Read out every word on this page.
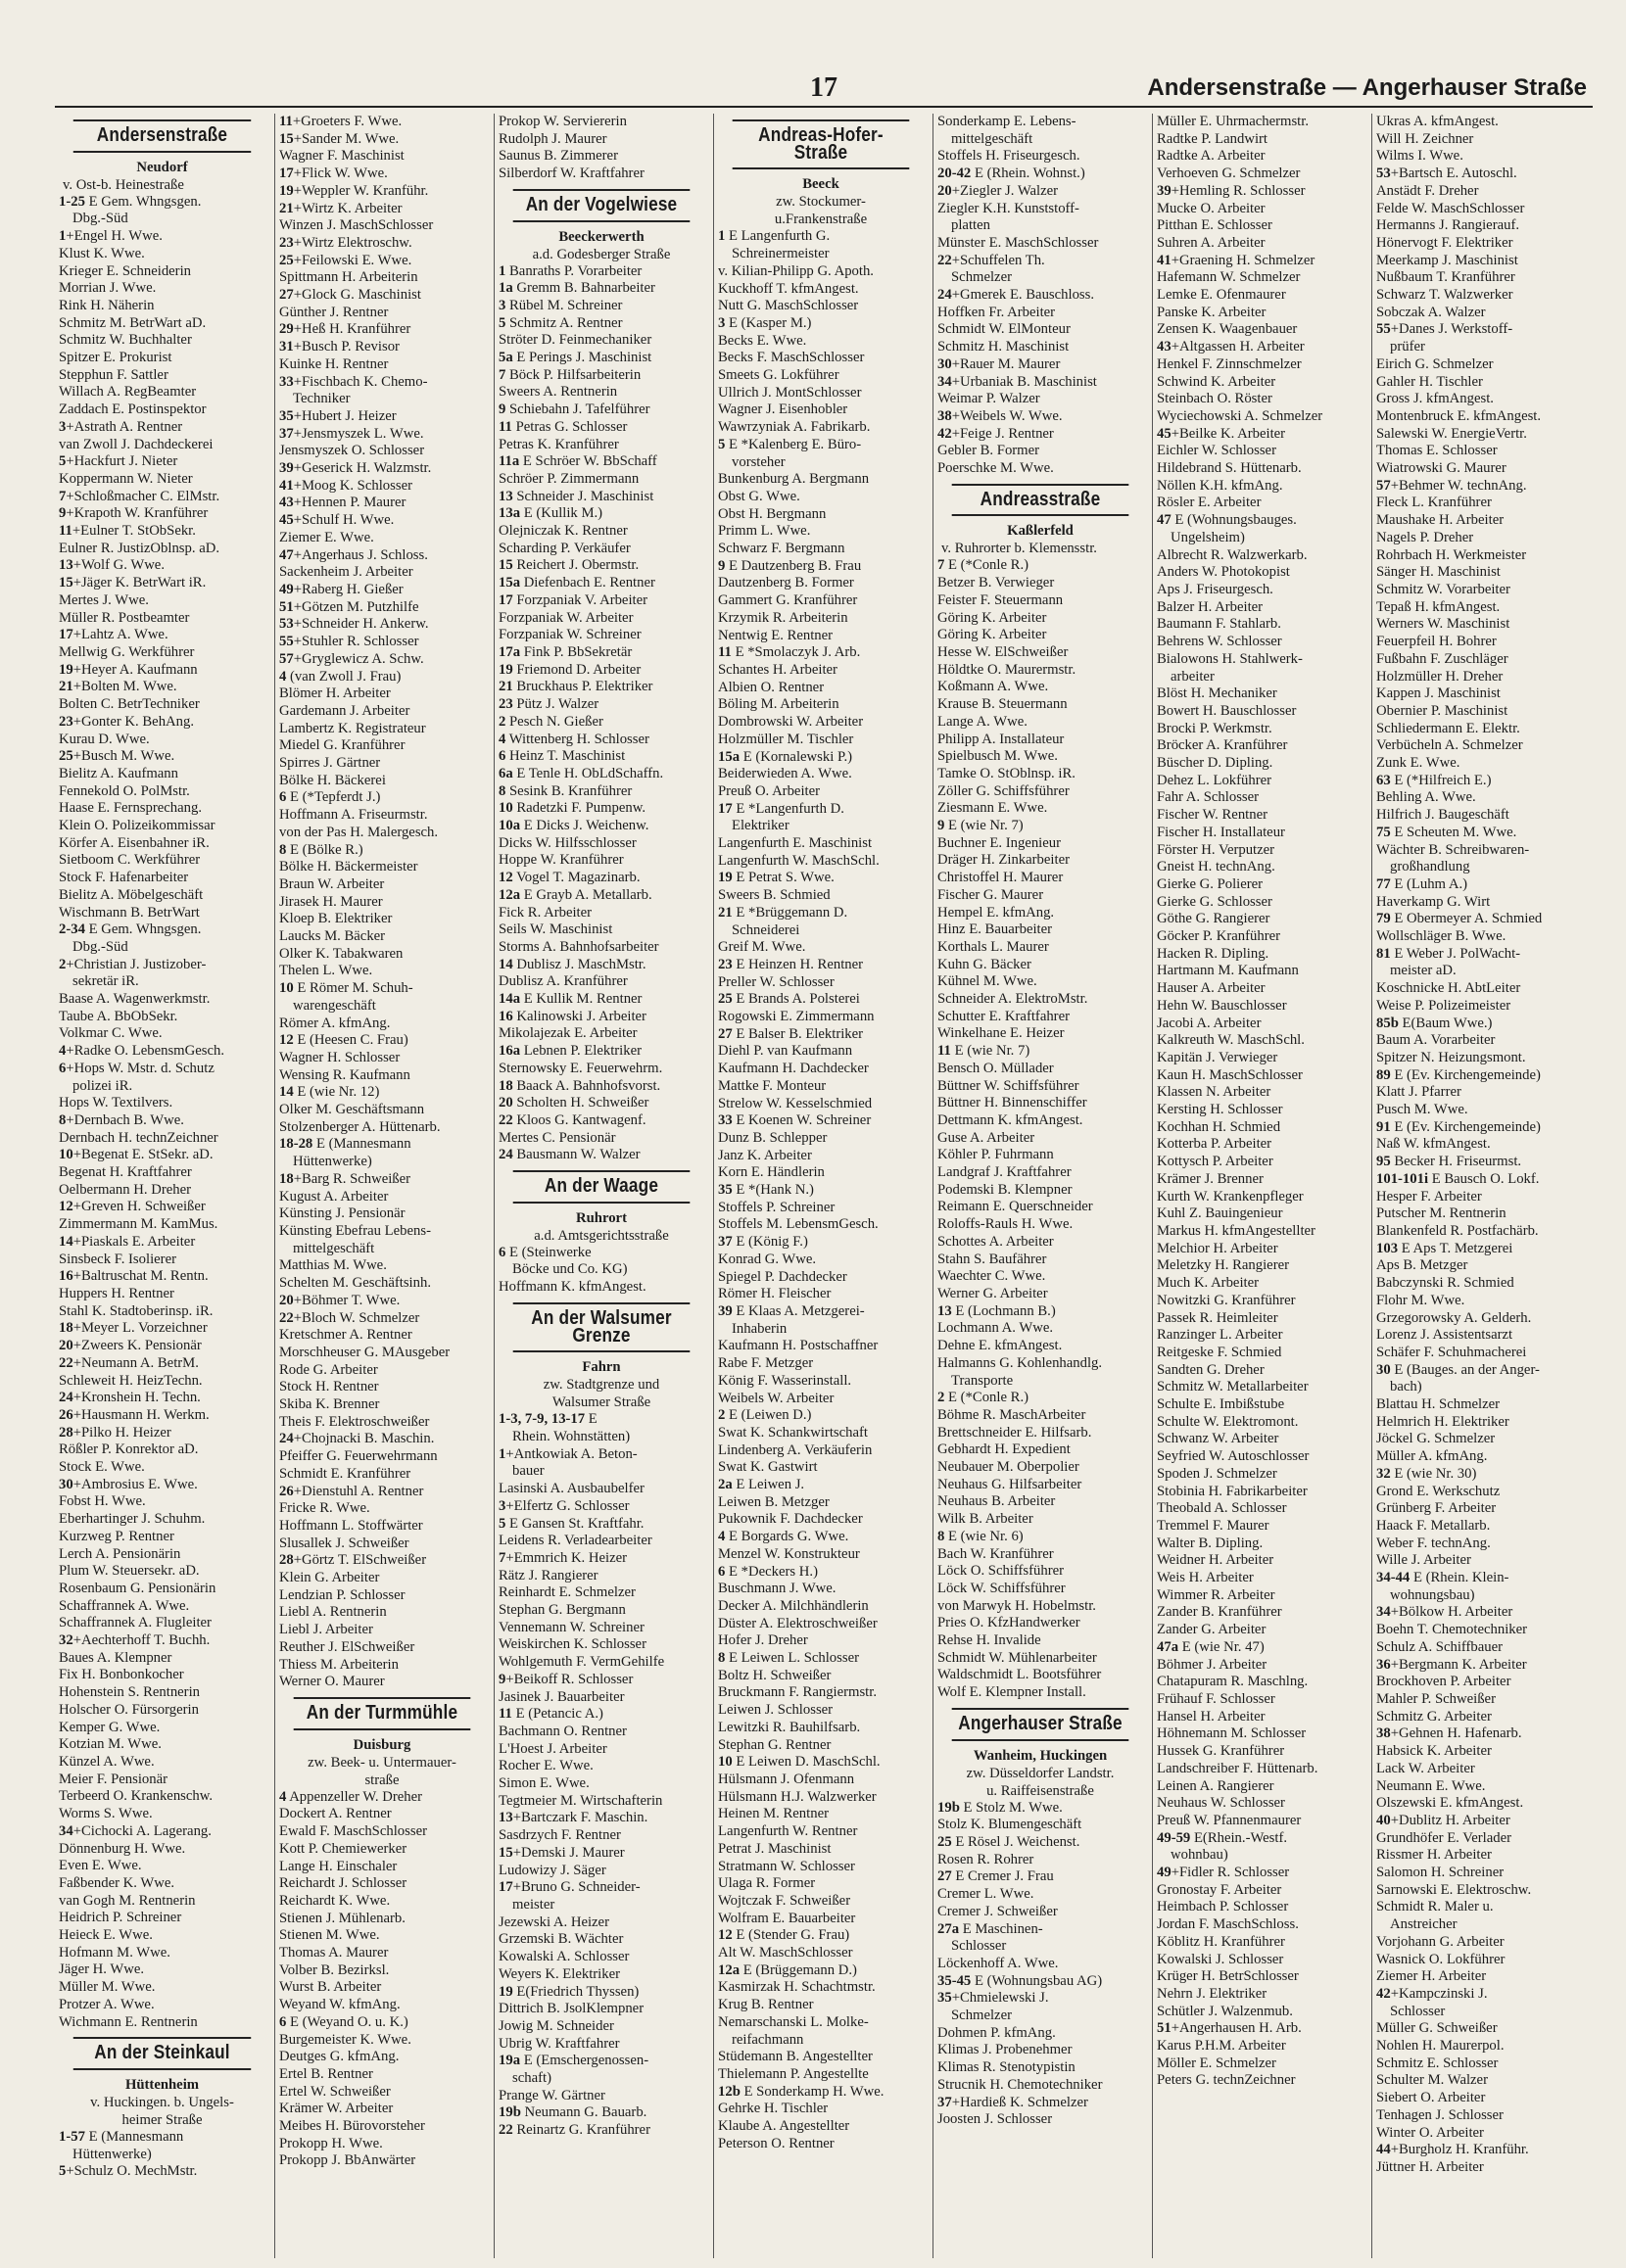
17	Andersenstraße — Angerhauser Straße
Andersenstraße
Neudorf
v. Ost-b. Heinestraße
1-25 E Gem. Whngsgen.
Dbg.-Süd
1+Engel H. Wwe.
Klust K. Wwe.
Krieger E. Schneiderin
Morrian J. Wwe.
Rink H. Näherin
Schmitz M. BetrWart aD.
Schmitz W. Buchhalter
Spitzer E. Prokurist
Stepphun F. Sattler
Willach A. RegBeamter
Zaddach E. Postinspektor
3+Astrath A. Rentner
van Zwoll J. Dachdeckerei
5+Hackfurt J. Nieter
Koppermann W. Nieter
7+Schloßmacher C. ElMstr.
9+Krapoth W. Kranführer
11+Eulner T. StObSekr.
Eulner R. JustizOblnsp. aD.
13+Wolf G. Wwe.
15+Jäger K. BetrWart iR.
Mertes J. Wwe.
Müller R. Postbeamter
17+Lahtz A. Wwe.
Mellwig G. Werkführer
19+Heyer A. Kaufmann
21+Bolten M. Wwe.
Bolten C. BetrTechniker
23+Gonter K. BehAng.
Kurau D. Wwe.
25+Busch M. Wwe.
Bielitz A. Kaufmann
Fennekold O. PolMstr.
Haase E. Fernsprechang.
Klein O. Polizeikommissar
Körfer A. Eisenbahner iR.
Sietboom C. Werkführer
Stock F. Hafenarbeiter
Bielitz A. Möbelgeschäft
Wischmann B. BetrWart
2-34 E Gem. Whngsgen.
Dbg.-Süd
2+Christian J. Justizober-
sekretär iR.
Baase A. Wagenwerkmstr.
Taube A. BbObSekr.
Volkmar C. Wwe.
4+Radke O. LebensmGesch.
6+Hops W. Mstr. d. Schutz
polizei iR.
Hops W. Textilvers.
8+Dernbach B. Wwe.
Dernbach H. technZeichner
10+Begenat E. StSekr. aD.
Begenat H. Kraftfahrer
Oelbermann H. Dreher
12+Greven H. Schweißer
Zimmermann M. KamMus.
14+Piaskals E. Arbeiter
Sinsbeck F. Isolierer
16+Baltruschat M. Rentn.
Huppers H. Rentner
Stahl K. Stadtoberinsp. iR.
18+Meyer L. Vorzeichner
20+Zweers K. Pensionär
22+Neumann A. BetrM.
Schleweit H. HeizTechn.
24+Kronshein H. Techn.
26+Hausmann H. Werkm.
28+Pilko H. Heizer
Rößler P. Konrektor aD.
Stock E. Wwe.
30+Ambrosius E. Wwe.
Fobst H. Wwe.
Eberhartinger J. Schuhm.
Kurzweg P. Rentner
Lerch A. Pensionärin
Plum W. Steuersekr. aD.
Rosenbaum G. Pensionärin
Schaffrannek A. Wwe.
Schaffrannek A. Flugleiter
32+Aechterhoff T. Buchh.
Baues A. Klempner
Fix H. Bonbonkocher
Hohenstein S. Rentnerin
Holscher O. Fürsorgerin
Kemper G. Wwe.
Kotzian M. Wwe.
Künzel A. Wwe.
Meier F. Pensionär
Terbeerd O. Krankenschw.
Worms S. Wwe.
34+Cichocki A. Lagerang.
Dönnenburg H. Wwe.
Even E. Wwe.
Faßbender K. Wwe.
van Gogh M. Rentnerin
Heidrich P. Schreiner
Heieck E. Wwe.
Hofmann M. Wwe.
Jäger H. Wwe.
Müller M. Wwe.
Protzer A. Wwe.
Wichmann E. Rentnerin
An der Steinkaul
Hüttenheim
v. Huckingen. b. Ungels-
heimer Straße
1-57 E (Mannesmann
Hüttenwerke)
5+Schulz O. MechMstr.
11+Groeters F. Wwe.
15+Sander M. Wwe.
Wagner F. Maschinist
17+Flick W. Wwe.
19+Weppler W. Kranführ.
21+Wirtz K. Arbeiter
Winzen J. MaschSchlosser
23+Wirtz Elektroschw.
25+Feilowski E. Wwe.
Spittmann H. Arbeiterin
27+Glock G. Maschinist
Günther J. Rentner
29+Heß H. Kranführer
31+Busch P. Revisor
Kuinke H. Rentner
33+Fischbach K. Chemo-
Techniker
35+Hubert J. Heizer
37+Jensmyszek L. Wwe.
Jensmyszek O. Schlosser
39+Geserick H. Walzmstr.
41+Moog K. Schlosser
43+Hennen P. Maurer
45+Schulf H. Wwe.
Ziemer E. Wwe.
47+Angerhaus J. Schloss.
Sackenheim J. Arbeiter
49+Raberg H. Gießer
51+Götzen M. Putzhilfe
53+Schneider H. Ankerw.
55+Stuhler R. Schlosser
57+Gryglewicz A. Schw.
4 (van Zwoll J. Frau)
Blömer H. Arbeiter
Gardemann J. Arbeiter
Lambertz K. Registrateur
Miedel G. Kranführer
Spirres J. Gärtner
Bölke H. Bäckerei
6 E (*Tepferdt J.)
Hoffmann A. Friseurmstr.
von der Pas H. Malergesch.
8 E (Bölke R.)
Bölke H. Bäckermeister
Braun W. Arbeiter
Jirasek H. Maurer
Kloep B. Elektriker
Laucks M. Bäcker
Olker K. Tabakwaren
Thelen L. Wwe.
10 E Römer M. Schuh-
warengeschäft
Römer A. kfmAng.
12 E (Heesen C. Frau)
Wagner H. Schlosser
Wensing R. Kaufmann
14 E (wie Nr. 12)
Olker M. Geschäftsmann
Stolzenberger A. Hüttenarb.
18-28 E (Mannesmann
Hüttenwerke)
18+Barg R. Schweißer
Kugust A. Arbeiter
Künsting J. Pensionär
Künsting Ebefrau Lebens-
mittelgeschäft
Matthias M. Wwe.
Schelten M. Geschäftsinh.
20+Böhmer T. Wwe.
22+Bloch W. Schmelzer
Kretschmer A. Rentner
Morschheuser G. MAusgeber
Rode G. Arbeiter
Stock H. Rentner
Skiba K. Brenner
Theis F. Elektroschweißer
24+Chojnacki B. Maschin.
Pfeiffer G. Feuerwehrmann
Schmidt E. Kranführer
26+Dienstuhl A. Rentner
Fricke R. Wwe.
Hoffmann L. Stoffwärter
Slusallek J. Schweißer
28+Görtz T. ElSchweißer
Klein G. Arbeiter
Lendzian P. Schlosser
Liebl A. Rentnerin
Liebl J. Arbeiter
Reuther J. ElSchweißer
Thiess M. Arbeiterin
Werner O. Maurer
An der Turmmühle
Duisburg
zw. Beek- u. Untermauer-
straße
4 Appenzeller W. Dreher
Dockert A. Rentner
Ewald F. MaschSchlosser
Kott P. Chemiewerker
Lange H. Einschaler
Reichardt J. Schlosser
Reichardt K. Wwe.
Stienen J. Mühlenarb.
Stienen M. Wwe.
Thomas A. Maurer
Volber B. Bezirksl.
Wurst B. Arbeiter
Weyand W. kfmAng.
6 E (Weyand O. u. K.)
Burgemeister K. Wwe.
Deutges G. kfmAng.
Ertel B. Rentner
Ertel W. Schweißer
Krämer W. Arbeiter
Meibes H. Bürovorsteher
Prokopp H. Wwe.
Prokopp J. BbAnwärter
Prokop W. Serviererin
Rudolph J. Maurer
Saunus B. Zimmerer
Silberdorf W. Kraftfahrer
An der Vogelwiese
Beeckerwerth
a.d. Godesberger Straße
1 Banraths P. Vorarbeiter
1a Gremm B. Bahnarbeiter
3 Rübel M. Schreiner
5 Schmitz A. Rentner
Ströter D. Feinmechaniker
5a E Perings J. Maschinist
7 Böck P. Hilfsarbeiterin
Sweers A. Rentnerin
9 Schiebahn J. Tafelführer
11 Petras G. Schlosser
Petras K. Kranführer
11a E Schröer W. BbSchaff
Schröer P. Zimmermann
13 Schneider J. Maschinist
13a E (Kullik M.)
Olejniczak K. Rentner
Scharding P. Verkäufer
15 Reichert J. Obermstr.
15a Diefenbach E. Rentner
17 Forzpaniak V. Arbeiter
Forzpaniak W. Arbeiter
Forzpaniak W. Schreiner
17a Fink P. BbSekretär
19 Friemond D. Arbeiter
21 Bruckhaus P. Elektriker
23 Pütz J. Walzer
2 Pesch N. Gießer
4 Wittenberg H. Schlosser
6 Heinz T. Maschinist
6a E Tenle H. ObLdSchaffn.
8 Sesink B. Kranführer
10 Radetzki F. Pumpenw.
10a E Dicks J. Weichenw.
Dicks W. Hilfsschlosser
Hoppe W. Kranführer
12 Vogel T. Magazinarb.
12a E Grayb A. Metallarb.
Fick R. Arbeiter
Seils W. Maschinist
Storms A. Bahnhofsarbeiter
14 Dublisz J. MaschMstr.
Dublisz A. Kranführer
14a E Kullik M. Rentner
16 Kalinowski J. Arbeiter
Mikolajezak E. Arbeiter
16a Lebnen P. Elektriker
Sternowsky E. Feuerwehrm.
18 Baack A. Bahnhofsvorst.
20 Scholten H. Schweißer
22 Kloos G. Kantwagenf.
Mertes C. Pensionär
24 Bausmann W. Walzer
An der Waage
Ruhrort
a.d. Amtsgerichtsstraße
6 E (Steinwerke
Böcke und Co. KG)
Hoffmann K. kfmAngest.
An der Walsumer Grenze
Fahrn
zw. Stadtgrenze und
Walsumer Straße
1-3, 7-9, 13-17 E
Rhein. Wohnstätten)
1+Antkowiak A. Beton-
bauer
Lasinski A. Ausbaubelfer
3+Elfertz G. Schlosser
5 E Gansen St. Kraftfahr.
Leidens R. Verladearbeiter
7+Emmrich K. Heizer
Rätz J. Rangierer
Reinhardt E. Schmelzer
Stephan G. Bergmann
Vennemann W. Schreiner
Weiskirchen K. Schlosser
Wohlgemuth F. VermGehilfe
9+Beikoff R. Schlosser
Jasinek J. Bauarbeiter
11 E (Petancic A.)
Bachmann O. Rentner
L'Hoest J. Arbeiter
Rocher E. Wwe.
Simon E. Wwe.
Tegtmeier M. Wirtschafterin
13+Bartczark F. Maschin.
Sasdrzych F. Rentner
15+Demski J. Maurer
Ludowizy J. Säger
17+Bruno G. Schneider-
meister
Jezewski A. Heizer
Grzemski B. Wächter
Kowalski A. Schlosser
Weyers K. Elektriker
19 E(Friedrich Thyssen)
Dittrich B. JsolKlempner
Jowig M. Schneider
Ubrig W. Kraftfahrer
19a E (Emschergenossen-
schaft)
Prange W. Gärtner
19b Neumann G. Bauarb.
22 Reinartz G. Kranführer
Andreas-Hofer-Straße
Beeck
zw. Stockumer-
u.Frankenstraße
1 E Langenfurth G.
Schreinermeister
v. Kilian-Philipp G. Apoth.
Kuckhoff T. kfmAngest.
Nutt G. MaschSchlosser
3 E (Kasper M.)
Becks E. Wwe.
Becks F. MaschSchlosser
Smeets G. Lokführer
Ullrich J. MontSchlosser
Wagner J. Eisenhobler
Wawrzyniak A. Fabrikarb.
5 E *Kalenberg E. Büro-
vorsteher
Bunkenburg A. Bergmann
Obst G. Wwe.
Obst H. Bergmann
Primm L. Wwe.
Schwarz F. Bergmann
9 E Dautzenberg B. Frau
Dautzenberg B. Former
Gammert G. Kranführer
Krzymik R. Arbeiterin
Nentwig E. Rentner
11 E *Smolaczyk J. Arb.
Schantes H. Arbeiter
Albien O. Rentner
Böling M. Arbeiterin
Dombrowski W. Arbeiter
Holzmüller M. Tischler
15a E (Kornalewski P.)
Beiderwieden A. Wwe.
Preuß O. Arbeiter
17 E *Langenfurth D.
Elektriker
Langenfurth E. Maschinist
Langenfurth W. MaschSchl.
19 E Petrat S. Wwe.
Sweers B. Schmied
21 E *Brüggemann D.
Schneiderei
Greif M. Wwe.
23 E Heinzen H. Rentner
Preller W. Schlosser
25 E Brands A. Polsterei
Rogowski E. Zimmermann
27 E Balser B. Elektriker
Diehl P. van Kaufmann
Kaufmann H. Dachdecker
Mattke F. Monteur
Strelow W. Kesselschmied
33 E Koenen W. Schreiner
Dunz B. Schlepper
Janz K. Arbeiter
Korn E. Händlerin
35 E *(Hank N.)
Stoffels P. Schreiner
Stoffels M. LebensmGesch.
37 E (König F.)
Konrad G. Wwe.
Spiegel P. Dachdecker
Römer H. Fleischer
39 E Klaas A. Metzgerei-
Inhaberin
Kaufmann H. Postschaffner
Rabe F. Metzger
König F. Wasserinstall.
Weibels W. Arbeiter
2 E (Leiwen D.)
Swat K. Schankwirtschaft
Lindenberg A. Verkäuferin
Swat K. Gastwirt
2a E Leiwen J.
Leiwen B. Metzger
Pukownik F. Dachdecker
4 E Borgards G. Wwe.
Menzel W. Konstrukteur
6 E *Deckers H.)
Buschmann J. Wwe.
Decker A. Milchhändlerin
Düster A. Elektroschweißer
Hofer J. Dreher
8 E Leiwen L. Schlosser
Boltz H. Schweißer
Bruckmann F. Rangiermstr.
Leiwen J. Schlosser
Lewitzki R. Bauhilfsarb.
Stephan G. Rentner
10 E Leiwen D. MaschSchl.
Hülsmann J. Ofenmann
Hülsmann H.J. Walzwerker
Heinen M. Rentner
Langenfurth W. Rentner
Petrat J. Maschinist
Stratmann W. Schlosser
Ulaga R. Former
Wojtczak F. Schweißer
Wolfram E. Bauarbeiter
12 E (Stender G. Frau)
Alt W. MaschSchlosser
12a E (Brüggemann D.)
Kasmirzak H. Schachtmstr.
Krug B. Rentner
Nemarschanski L. Molke-
reifachmann
Stüdemann B. Angestellter
Thielemann P. Angestellte
12b E Sonderkamp H. Wwe.
Gehrke H. Tischler
Klaube A. Angestellter
Peterson O. Rentner
Sonderkamp E. Lebens-
mittelgeschäft
Stoffels H. Friseurgesch.
20-42 E (Rhein. Wohnst.)
20+Ziegler J. Walzer
Ziegler K.H. Kunststoff-
platten
Münster E. MaschSchlosser
22+Schuffelen Th.
Schmelzer
24+Gmerek E. Bauschloss.
Hoffken Fr. Arbeiter
Schmidt W. ElMonteur
Schmitz H. Maschinist
30+Rauer M. Maurer
34+Urbaniak B. Maschinist
Weimar P. Walzer
38+Weibels W. Wwe.
42+Feige J. Rentner
Gebler B. Former
Poerschke M. Wwe.
Andreasstraße
Kaßlerfeld
v. Ruhrorter b. Klemensstr.
7 E (*Conle R.)
Betzer B. Verwieger
Feister F. Steuermann
Göring K. Arbeiter
Göring K. Arbeiter
Hesse W. ElSchweißer
Höldtke O. Maurermstr.
Koßmann A. Wwe.
Krause B. Steuermann
Lange A. Wwe.
Philipp A. Installateur
Spielbusch M. Wwe.
Tamke O. StOblnsp. iR.
Zöller G. Schiffsführer
Ziesmann E. Wwe.
9 E (wie Nr. 7)
Buchner E. Ingenieur
Dräger H. Zinkarbeiter
Christoffel H. Maurer
Fischer G. Maurer
Hempel E. kfmAng.
Hinz E. Bauarbeiter
Korthals L. Maurer
Kuhn G. Bäcker
Kühnel M. Wwe.
Schneider A. ElektroMstr.
Schutter E. Kraftfahrer
Winkelhane E. Heizer
11 E (wie Nr. 7)
Bensch O. Müllader
Büttner W. Schiffsführer
Büttner H. Binnenschiffer
Dettmann K. kfmAngest.
Guse A. Arbeiter
Köhler P. Fuhrmann
Landgraf J. Kraftfahrer
Podemski B. Klempner
Reimann E. Querschneider
Roloffs-Rauls H. Wwe.
Schottes A. Arbeiter
Stahn S. Baufährer
Waechter C. Wwe.
Werner G. Arbeiter
13 E (Lochmann B.)
Lochmann A. Wwe.
Dehne E. kfmAngest.
Halmanns G. Kohlenhandlg.
Transporte
2 E (*Conle R.)
Böhme R. MaschArbeiter
Brettschneider E. Hilfsarb.
Gebhardt H. Expedient
Neubauer M. Oberpolier
Neuhaus G. Hilfsarbeiter
Neuhaus B. Arbeiter
Wilk B. Arbeiter
8 E (wie Nr. 6)
Bach W. Kranführer
Löck O. Schiffsführer
Löck W. Schiffsführer
von Marwyk H. Hobelmstr.
Pries O. KfzHandwerker
Rehse H. Invalide
Schmidt W. Mühlenarbeiter
Waldschmidt L. Bootsführer
Wolf E. Klempner Install.
Angerhauser Straße
Wanheim, Huckingen
zw. Düsseldorfer Landstr.
u. Raiffeisenstraße
19b E Stolz M. Wwe.
Stolz K. Blumengeschäft
25 E Rösel J. Weichenst.
Rosen R. Rohrer
27 E Cremer J. Frau
Cremer L. Wwe.
Cremer J. Schweißer
27a E Maschinen-
Schlosser
Löckenhoff A. Wwe.
35-45 E (Wohnungsbau AG)
35+Chmielewski J.
Schmelzer
Dohmen P. kfmAng.
Klimas J. Probenehmer
Klimas R. Stenotypistin
Strucnik H. Chemotechniker
37+Hardieß K. Schmelzer
Joosten J. Schlosser
Müller E. Uhrmachermstr.
Radtke P. Landwirt
Radtke A. Arbeiter
Verhoeven G. Schmelzer
39+Hemling R. Schlosser
Mucke O. Arbeiter
Pitthan E. Schlosser
Suhren A. Arbeiter
41+Graening H. Schmelzer
Hafemann W. Schmelzer
Lemke E. Ofenmaurer
Panske K. Arbeiter
Zensen K. Waagenbauer
43+Altgassen H. Arbeiter
Henkel F. Zinnschmelzer
Schwind K. Arbeiter
Steinbach O. Röster
Wyciechowski A. Schmelzer
45+Beilke K. Arbeiter
Eichler W. Schlosser
Hildebrand S. Hüttenarb.
Nöllen K.H. kfmAng.
Rösler E. Arbeiter
47 E (Wohnungsbauges.
Ungelsheim)
Albrecht R. Walzwerkarb.
Anders W. Photokopist
Aps J. Friseurgesch.
Balzer H. Arbeiter
Baumann F. Stahlarb.
Behrens W. Schlosser
Bialowons H. Stahlwerk-
arbeiter
Blöst H. Mechaniker
Bowert H. Bauschlosser
Brocki P. Werkmstr.
Bröcker A. Kranführer
Büscher D. Dipling.
Dehez L. Lokführer
Fahr A. Schlosser
Fischer W. Rentner
Fischer H. Installateur
Förster H. Verputzer
Gneist H. technAng.
Gierke G. Polierer
Gierke G. Schlosser
Göthe G. Rangierer
Göcker P. Kranführer
Hacken R. Dipling.
Hartmann M. Kaufmann
Hauser A. Arbeiter
Hehn W. Bauschlosser
Jacobi A. Arbeiter
Kalkreuth W. MaschSchl.
Kapitän J. Verwieger
Kaun H. MaschSchlosser
Klassen N. Arbeiter
Kersting H. Schlosser
Kochhan H. Schmied
Kotterba P. Arbeiter
Kottysch P. Arbeiter
Krämer J. Brenner
Kurth W. Krankenpfleger
Kuhl Z. Bauingenieur
Markus H. kfmAngestellter
Melchior H. Arbeiter
Meletzky H. Rangierer
Much K. Arbeiter
Nowitzki G. Kranführer
Passek R. Heimleiter
Ranzinger L. Arbeiter
Reitgeske F. Schmied
Sandten G. Dreher
Schmitz W. Metallarbeiter
Schulte E. Imbißstube
Schulte W. Elektromont.
Schwanz W. Arbeiter
Seyfried W. Autoschlosser
Spoden J. Schmelzer
Stobinia H. Fabrikarbeiter
Theobald A. Schlosser
Tremmel F. Maurer
Walter B. Dipling.
Weidner H. Arbeiter
Weis H. Arbeiter
Wimmer R. Arbeiter
Zander B. Kranführer
Zander G. Arbeiter
47a E (wie Nr. 47)
Böhmer J. Arbeiter
Chatapuram R. Maschlng.
Frühauf F. Schlosser
Hansel H. Arbeiter
Höhnemann M. Schlosser
Hussek G. Kranführer
Landschreiber F. Hüttenarb.
Leinen A. Rangierer
Neuhaus W. Schlosser
Preuß W. Pfannenmaurer
49-59 E(Rhein.-Westf.
wohnbau)
49+Fidler R. Schlosser
Gronostay F. Arbeiter
Heimbach P. Schlosser
Jordan F. MaschSchloss.
Köblitz H. Kranführer
Kowalski J. Schlosser
Krüger H. BetrSchlosser
Nehrn J. Elektriker
Schütler J. Walzenmub.
51+Angerhausen H. Arb.
Karus P.H.M. Arbeiter
Möller E. Schmelzer
Peters G. technZeichner
Ukras A. kfmAngest.
Will H. Zeichner
Wilms I. Wwe.
53+Bartsch E. Autoschl.
Anstädt F. Dreher
Felde W. MaschSchlosser
Hermanns J. Rangierauf.
Hönervogt F. Elektriker
Meerkamp J. Maschinist
Nußbaum T. Kranführer
Schwarz T. Walzwerker
Sobczak A. Walzer
55+Danes J. Werkstoff-
prüfer
Eirich G. Schmelzer
Gahler H. Tischler
Gross J. kfmAngest.
Montenbruck E. kfmAngest.
Salewski W. EnergieVertr.
Thomas E. Schlosser
Wiatrowski G. Maurer
57+Behmer W. technAng.
Fleck L. Kranführer
Maushake H. Arbeiter
Nagels P. Dreher
Rohrbach H. Werkmeister
Sänger H. Maschinist
Schmitz W. Vorarbeiter
Tepaß H. kfmAngest.
Werners W. Maschinist
Feuerpfeil H. Bohrer
Fußbahn F. Zuschläger
Holzmüller H. Dreher
Kappen J. Maschinist
Obernier P. Maschinist
Schliedermann E. Elektr.
Verbücheln A. Schmelzer
Zunk E. Wwe.
63 E (*Hilfreich E.)
Behling A. Wwe.
Hilfrich J. Baugeschäft
75 E Scheuten M. Wwe.
Wächter B. Schreibwaren-
großhandlung
77 E (Luhm A.)
Haverkamp G. Wirt
79 E Obermeyer A. Schmied
Wollschläger B. Wwe.
81 E Weber J. PolWacht-
meister aD.
Koschnicke H. AbtLeiter
Weise P. Polizeimeister
85b E(Baum Wwe.)
Baum A. Vorarbeiter
Spitzer N. Heizungsmont.
89 E (Ev. Kirchengemeinde)
Klatt J. Pfarrer
Pusch M. Wwe.
91 E (Ev. Kirchengemeinde)
Naß W. kfmAngest.
95 Becker H. Friseurmst.
101-101i E Bausch O. Lokf.
Hesper F. Arbeiter
Putscher M. Rentnerin
Blankenfeld R. Postfachärb.
103 E Aps T. Metzgerei
Aps B. Metzger
Babczynski R. Schmied
Flohr M. Wwe.
Grzegorowsky A. Gelderh.
Lorenz J. Assistentsarzt
Schäfer F. Schuhmacherei
30 E (Bauges. an der Anger-
bach)
Blattau H. Schmelzer
Helmrich H. Elektriker
Jöckel G. Schmelzer
Müller A. kfmAng.
32 E (wie Nr. 30)
Grond E. Werkschutz
Grünberg F. Arbeiter
Haack F. Metallarb.
Weber F. technAng.
Wille J. Arbeiter
34-44 E (Rhein. Klein-
wohnungsbau)
34+Bölkow H. Arbeiter
Boehn T. Chemotechniker
Schulz A. Schiffbauer
36+Bergmann K. Arbeiter
Brockhoven P. Arbeiter
Mahler P. Schweißer
Schmitz G. Arbeiter
38+Gehnen H. Hafenarb.
Habsick K. Arbeiter
Lack W. Arbeiter
Neumann E. Wwe.
Olszewski E. kfmAngest.
40+Dublitz H. Arbeiter
Grundhöfer E. Verlader
Rissmer H. Arbeiter
Salomon H. Schreiner
Sarnowski E. Elektroschw.
Schmidt R. Maler u.
Anstreicher
Vorjohann G. Arbeiter
Wasnick O. Lokführer
Ziemer H. Arbeiter
42+Kampczinski J.
Schlosser
Müller G. Schweißer
Nohlen H. Maurerpol.
Schmitz E. Schlosser
Schulter M. Walzer
Siebert O. Arbeiter
Tenhagen J. Schlosser
Winter O. Arbeiter
44+Burgholz H. Kranführ.
Jüttner H. Arbeiter
